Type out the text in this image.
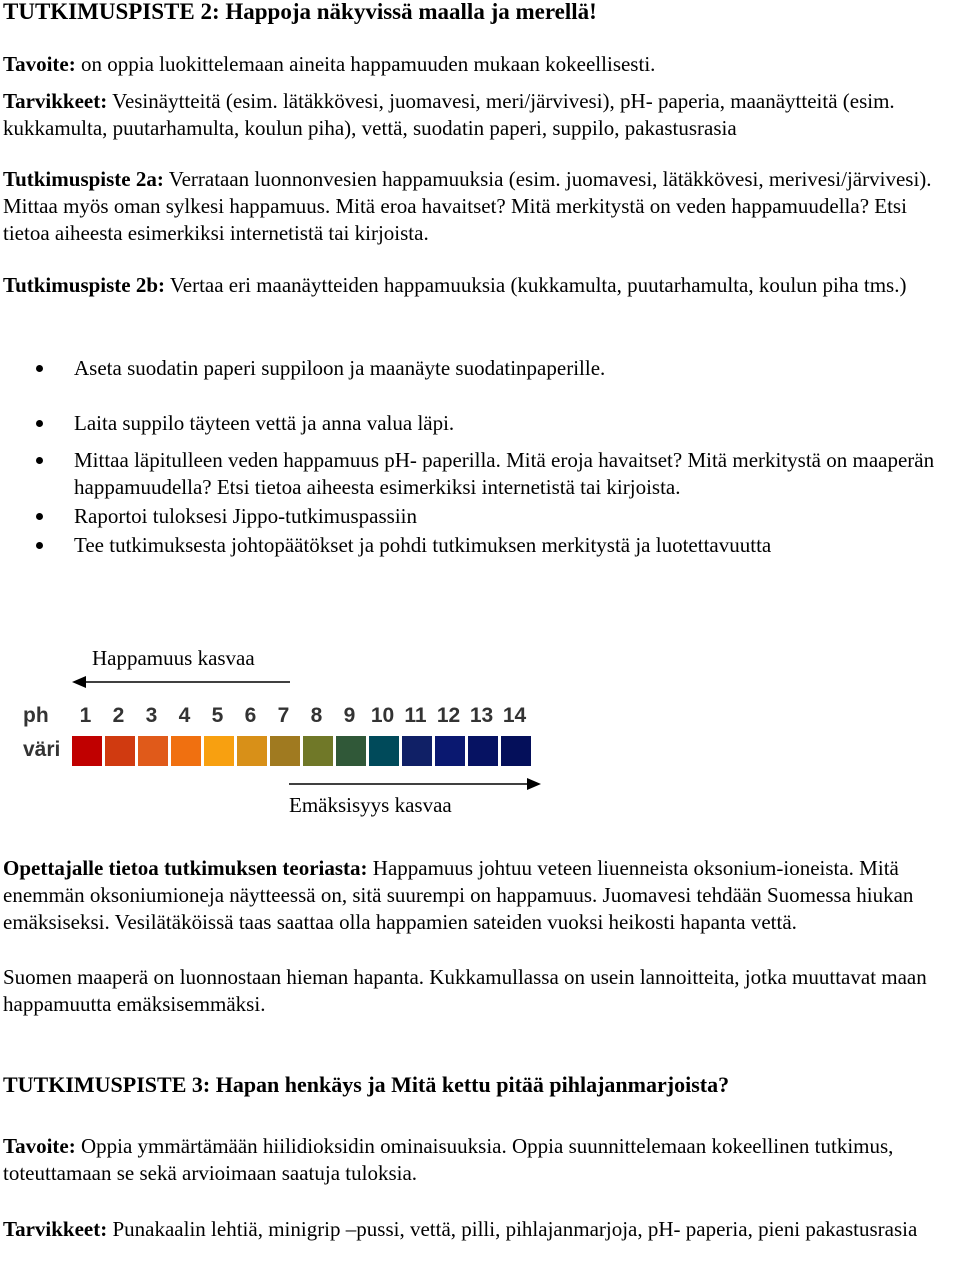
TUTKIMUSPISTE 2: Happoja näkyvissä maalla ja merellä!
Tavoite: on oppia luokittelemaan aineita happamuuden mukaan kokeellisesti.
Tarvikkeet: Vesinäytteitä (esim. lätäkkövesi, juomavesi, meri/järvivesi), pH- paperia, maanäytteitä (esim. kukkamulta, puutarhamulta, koulun piha), vettä, suodatin paperi, suppilo, pakastusrasia
Tutkimuspiste 2a: Verrataan luonnonvesien happamuuksia (esim. juomavesi, lätäkkövesi, merivesi/järvivesi). Mittaa myös oman sylkesi happamuus. Mitä eroa havaitset? Mitä merkitystä on veden happamuudella? Etsi tietoa aiheesta esimerkiksi internetistä tai kirjoista.
Tutkimuspiste 2b: Vertaa eri maanäytteiden happamuuksia (kukkamulta, puutarhamulta, koulun piha tms.)
Aseta suodatin paperi suppiloon ja maanäyte suodatinpaperille.
Laita suppilo täyteen vettä ja anna valua läpi.
Mittaa läpitulleen veden happamuus pH- paperilla. Mitä eroja havaitset? Mitä merkitystä on maaperän happamuudella? Etsi tietoa aiheesta esimerkiksi internetistä tai kirjoista.
Raportoi tuloksesi Jippo-tutkimuspassiin
Tee tutkimuksesta johtopäätökset ja pohdi tutkimuksen merkitystä ja luotettavuutta
Happamuus kasvaa
ph
väri
1	2	3	4	5	6	7	8	9 10 11 12 13 14
Emäksisyys kasvaa
Opettajalle tietoa tutkimuksen teoriasta: Happamuus johtuu veteen liuenneista oksonium-ioneista. Mitä enemmän oksoniumioneja näytteessä on, sitä suurempi on happamuus. Juomavesi tehdään Suomessa hiukan emäksiseksi. Vesilätäköissä taas saattaa olla happamien sateiden vuoksi heikosti hapanta vettä.
Suomen maaperä on luonnostaan hieman hapanta. Kukkamullassa on usein lannoitteita, jotka muuttavat maan happamuutta emäksisemmäksi.
TUTKIMUSPISTE 3: Hapan henkäys ja Mitä kettu pitää pihlajanmarjoista?
Tavoite: Oppia ymmärtämään hiilidioksidin ominaisuuksia. Oppia suunnittelemaan kokeellinen tutkimus, toteuttamaan se sekä arvioimaan saatuja tuloksia.
Tarvikkeet: Punakaalin lehtiä, minigrip –pussi, vettä, pilli, pihlajanmarjoja, pH- paperia, pieni pakastusrasia
